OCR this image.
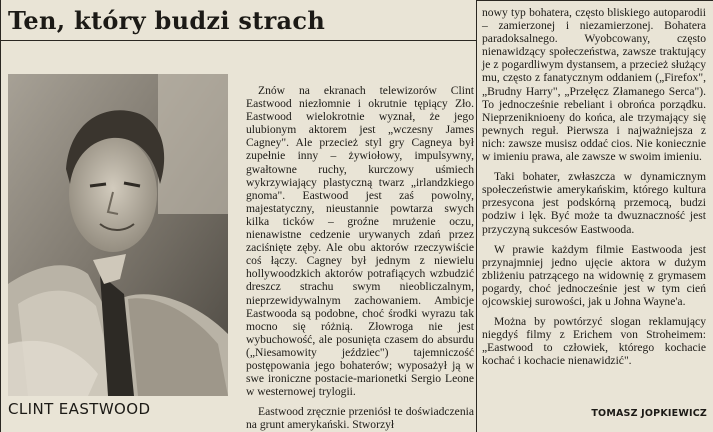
Ten, który budzi strach
CLINT EASTWOOD

Znów na ekranach telewizorów Clint Eastwood niezłomnie i okrutnie tępiący Zło. Eastwood wielokrotnie wyznał, że jego ulubionym aktorem jest „wczesny James Cagney". Ale przecież styl gry Cagneya był zupełnie inny – żywiołowy, impulsywny, gwałtowne ruchy, kurczowy uśmiech wykrzywiający plastyczną twarz „irlandzkiego gnoma". Eastwood jest zaś powolny, majestatyczny, nieustannie powtarza swych kilka ticków – groźne mrużenie oczu, nienawistne cedzenie urywanych zdań przez zaciśnięte zęby. Ale obu aktorów rzeczywiście coś łączy. Cagney był jednym z niewielu hollywoodzkich aktorów potrafiących wzbudzić dreszcz strachu swym nieobliczalnym, nieprzewidywalnym zachowaniem. Ambicje Eastwooda są podobne, choć środki wyrazu tak mocno się różnią. Złowroga nie jest wybuchowość, ale posunięta czasem do absurdu („Niesamowity jeździec") tajemniczość postępowania jego bohaterów; wyposażył ją w swe ironiczne postacie-marionetki Sergio Leone w westernowej trylogii.

Eastwood zręcznie przeniósł te doświadczenia na grunt amerykański. Stworzył

nowy typ bohatera, często bliskiego autoparodii – zamierzonej i niezamierzonej. Bohatera paradoksalnego. Wyobcowany, często nienawidzący społeczeństwa, zawsze traktujący je z pogardliwym dystansem, a przecież służący mu, często z fanatycznym oddaniem („Firefox", „Brudny Harry", „Przełęcz Złamanego Serca"). To jednocześnie rebeliant i obrońca porządku. Nieprzeniknioeny do końca, ale trzymający się pewnych reguł. Pierwsza i najważniejsza z nich: zawsze musisz oddać cios. Nie koniecznie w imieniu prawa, ale zawsze w swoim imieniu.

Taki bohater, zwłaszcza w dynamicznym społeczeństwie amerykańskim, którego kultura przesycona jest podskórną przemocą, budzi podziw i lęk. Być może ta dwuznaczność jest przyczyną sukcesów Eastwooda.

W prawie każdym filmie Eastwooda jest przynajmniej jedno ujęcie aktora w dużym zbliżeniu patrzącego na widownię z grymasem pogardy, choć jednocześnie jest w tym cień ojcowskiej surowości, jak u Johna Wayne'a.

Można by powtórzyć slogan reklamujący niegdyś filmy z Erichem von Stroheimem: „Eastwood to człowiek, którego kochacie kochać i kochacie nienawidzić".

TOMASZ JOPKIEWICZ
